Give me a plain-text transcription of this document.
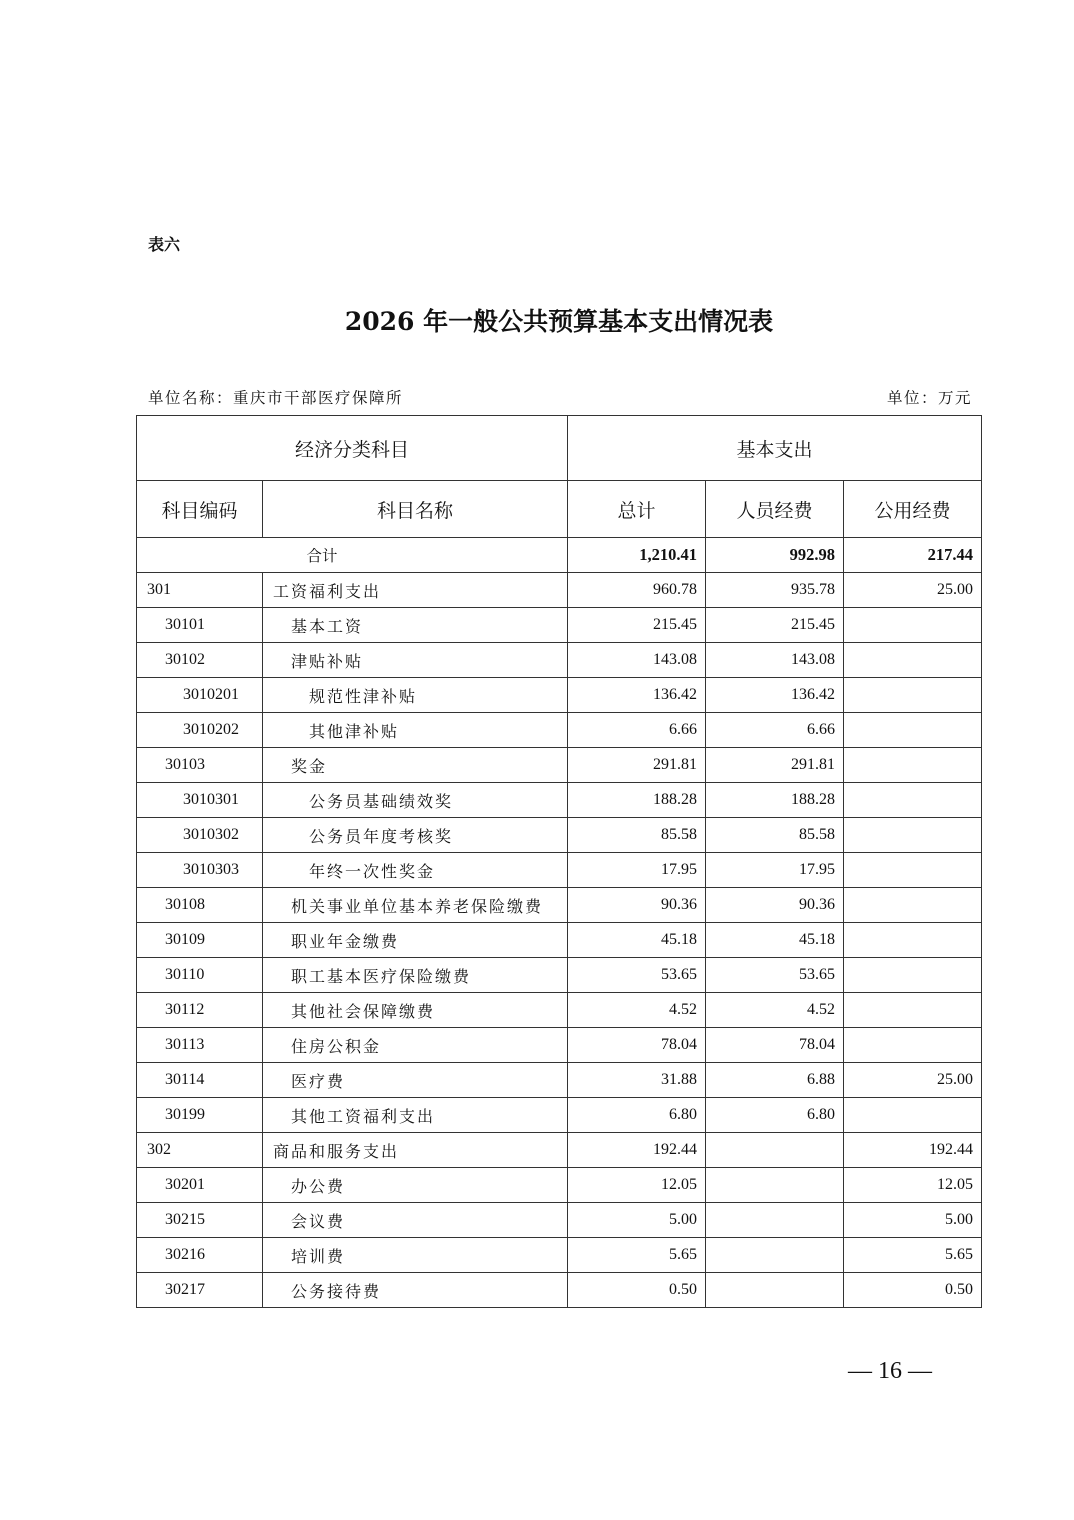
表六
2026 年一般公共预算基本支出情况表
单位名称：重庆市干部医疗保障所	单位：万元
经济分类科目		基本支出		
科目编码	科目名称	总计	人员经费	公用经费
合计		1,210.41	992.98	217.44
301	工资福利支出	960.78	935.78	25.00
30101	基本工资	215.45	215.45	
30102	津贴补贴	143.08	143.08	
3010201	规范性津补贴	136.42	136.42	
3010202	其他津补贴	6.66	6.66	
30103	奖金	291.81	291.81	
3010301	公务员基础绩效奖	188.28	188.28	
3010302	公务员年度考核奖	85.58	85.58	
3010303	年终一次性奖金	17.95	17.95	
30108	机关事业单位基本养老保险缴费	90.36	90.36	
30109	职业年金缴费	45.18	45.18	
30110	职工基本医疗保险缴费	53.65	53.65	
30112	其他社会保障缴费	4.52	4.52	
30113	住房公积金	78.04	78.04	
30114	医疗费	31.88	6.88	25.00
30199	其他工资福利支出	6.80	6.80	
302	商品和服务支出	192.44		192.44
30201	办公费	12.05		12.05
30215	会议费	5.00		5.00
30216	培训费	5.65		5.65
30217	公务接待费	0.50		0.50
— 16 —
